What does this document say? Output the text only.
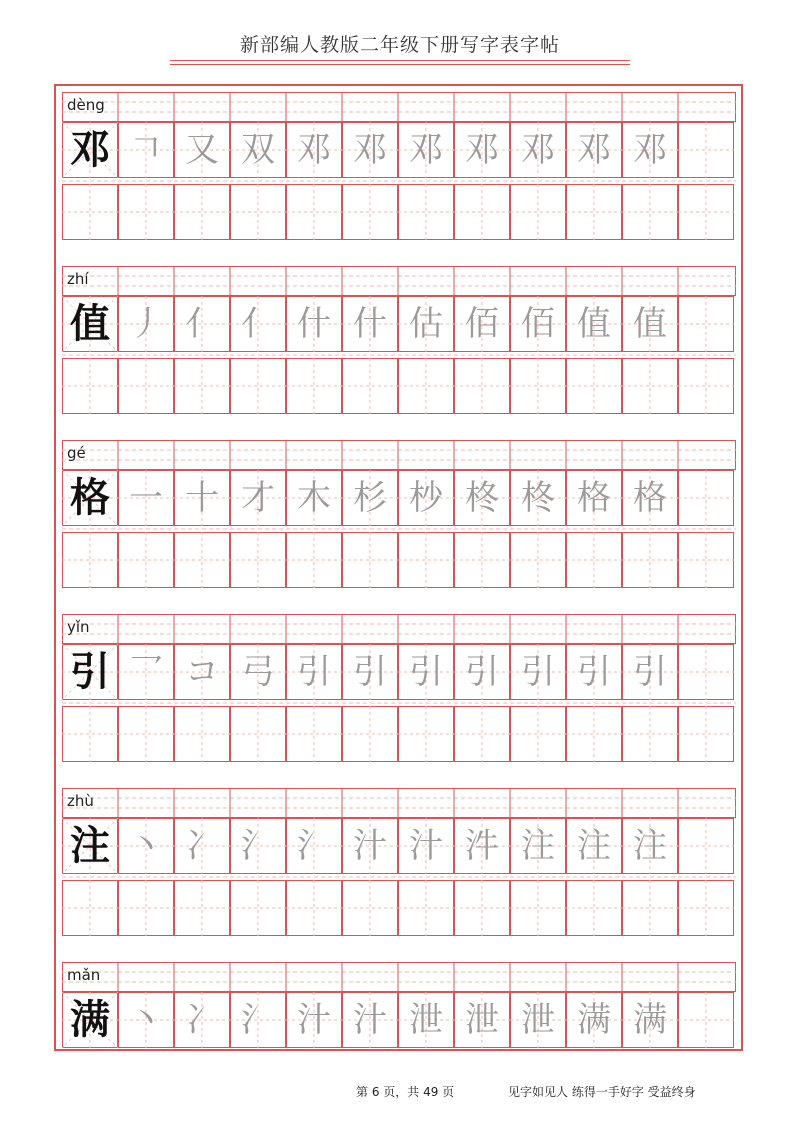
新部编人教版二年级下册写字表字帖
dèng
邓 𠃍 又 双 邓 邓 邓 邓 邓 邓 邓
zhí
值 丿 亻 亻 什 什 估 佰 佰 值 值
gé
格 一 十 才 木 杉 杪 柊 柊 格 格
yǐn
引 乛 コ 弓 引 引 引 引 引 引 引
zhù
注 丶 冫 氵 氵 汁 汁 汼 注 注 注
mǎn
满 丶 冫 氵 汁 汁 泄 泄 泄 满 满
第 6 页，共 49 页	见字如见人 练得一手好字 受益终身
